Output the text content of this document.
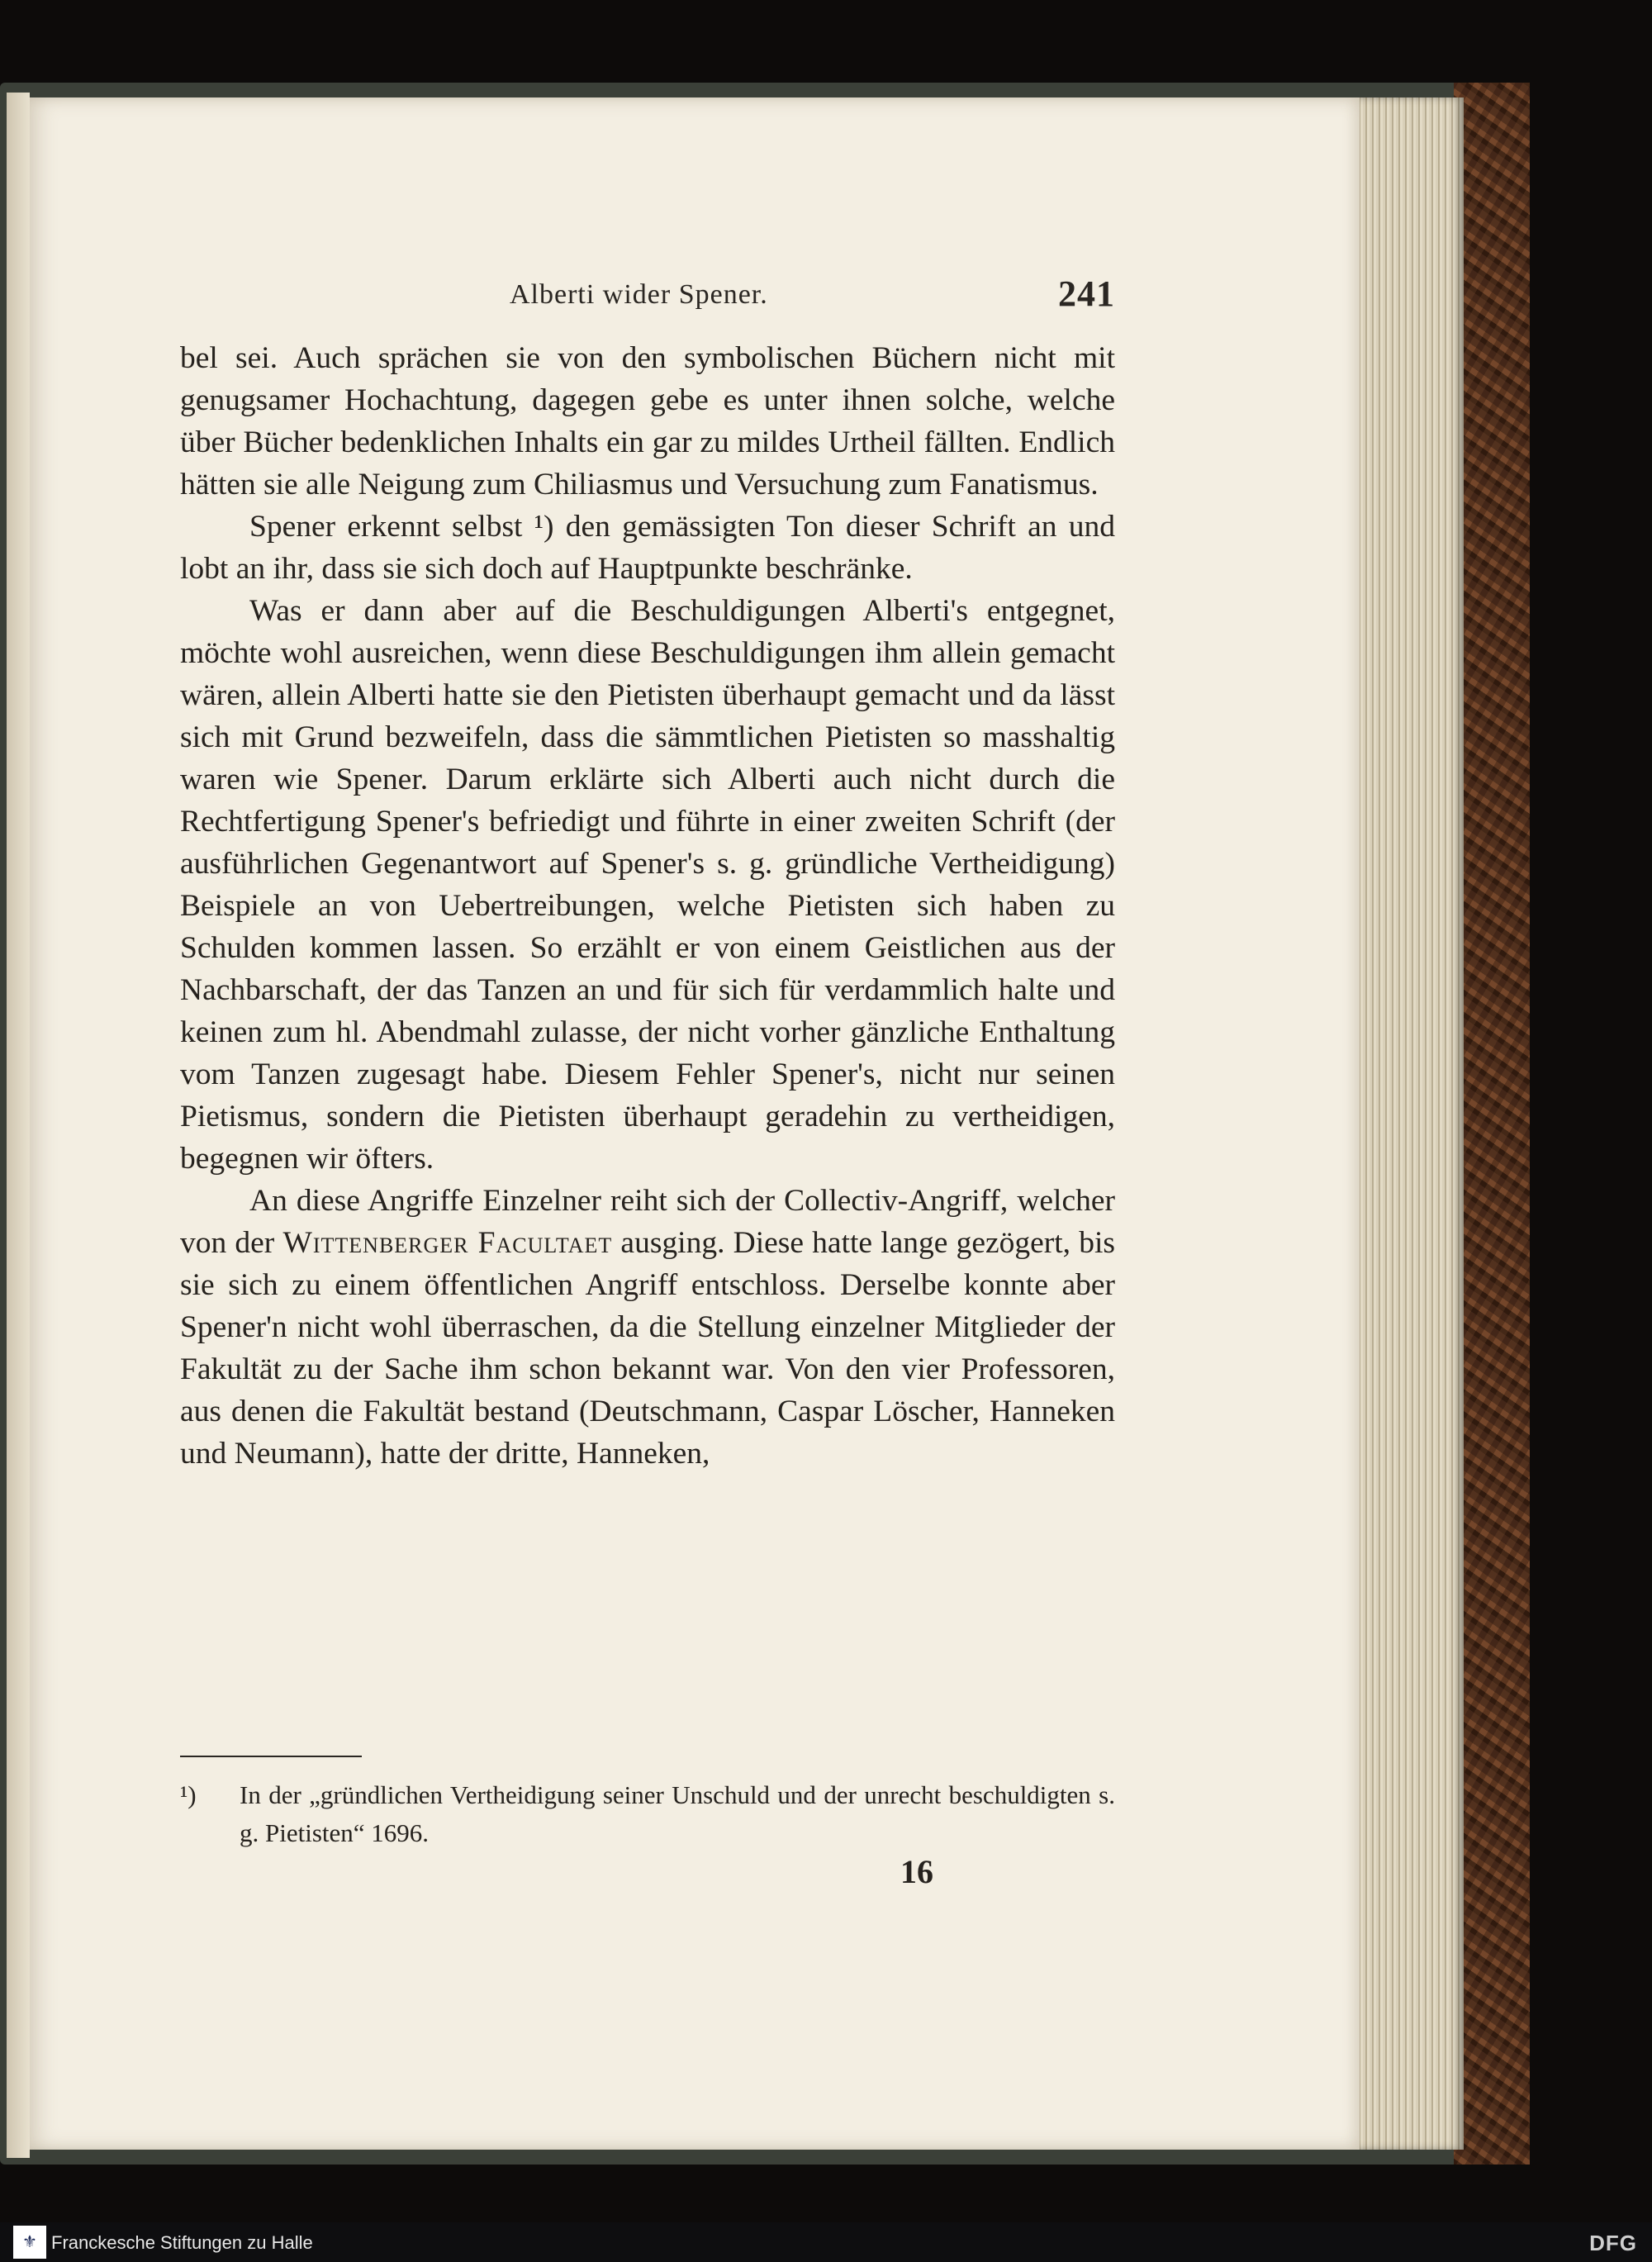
Alberti wider Spener.	241

bel sei. Auch sprächen sie von den symbolischen Büchern nicht mit genugsamer Hochachtung, dagegen gebe es unter ihnen solche, welche über Bücher bedenklichen Inhalts ein gar zu mildes Urtheil fällten. Endlich hätten sie alle Neigung zum Chiliasmus und Versuchung zum Fanatismus.

Spener erkennt selbst ¹) den gemässigten Ton dieser Schrift an und lobt an ihr, dass sie sich doch auf Hauptpunkte beschränke.

Was er dann aber auf die Beschuldigungen Alberti's entgegnet, möchte wohl ausreichen, wenn diese Beschuldigungen ihm allein gemacht wären, allein Alberti hatte sie den Pietisten überhaupt gemacht und da lässt sich mit Grund bezweifeln, dass die sämmtlichen Pietisten so masshaltig waren wie Spener. Darum erklärte sich Alberti auch nicht durch die Rechtfertigung Spener's befriedigt und führte in einer zweiten Schrift (der ausführlichen Gegenantwort auf Spener's s. g. gründliche Vertheidigung) Beispiele an von Uebertreibungen, welche Pietisten sich haben zu Schulden kommen lassen. So erzählt er von einem Geistlichen aus der Nachbarschaft, der das Tanzen an und für sich für verdammlich halte und keinen zum hl. Abendmahl zulasse, der nicht vorher gänzliche Enthaltung vom Tanzen zugesagt habe. Diesem Fehler Spener's, nicht nur seinen Pietismus, sondern die Pietisten überhaupt geradehin zu vertheidigen, begegnen wir öfters.

An diese Angriffe Einzelner reiht sich der Collectiv-Angriff, welcher von der Wittenberger Facultaet ausging. Diese hatte lange gezögert, bis sie sich zu einem öffentlichen Angriff entschloss. Derselbe konnte aber Spener'n nicht wohl überraschen, da die Stellung einzelner Mitglieder der Fakultät zu der Sache ihm schon bekannt war. Von den vier Professoren, aus denen die Fakultät bestand (Deutschmann, Caspar Löscher, Hanneken und Neumann), hatte der dritte, Hanneken,

¹)	In der „gründlichen Vertheidigung seiner Unschuld und der unrecht beschuldigten s. g. Pietisten“ 1696.
16
⚜ Franckesche Stiftungen zu Halle	DFG
